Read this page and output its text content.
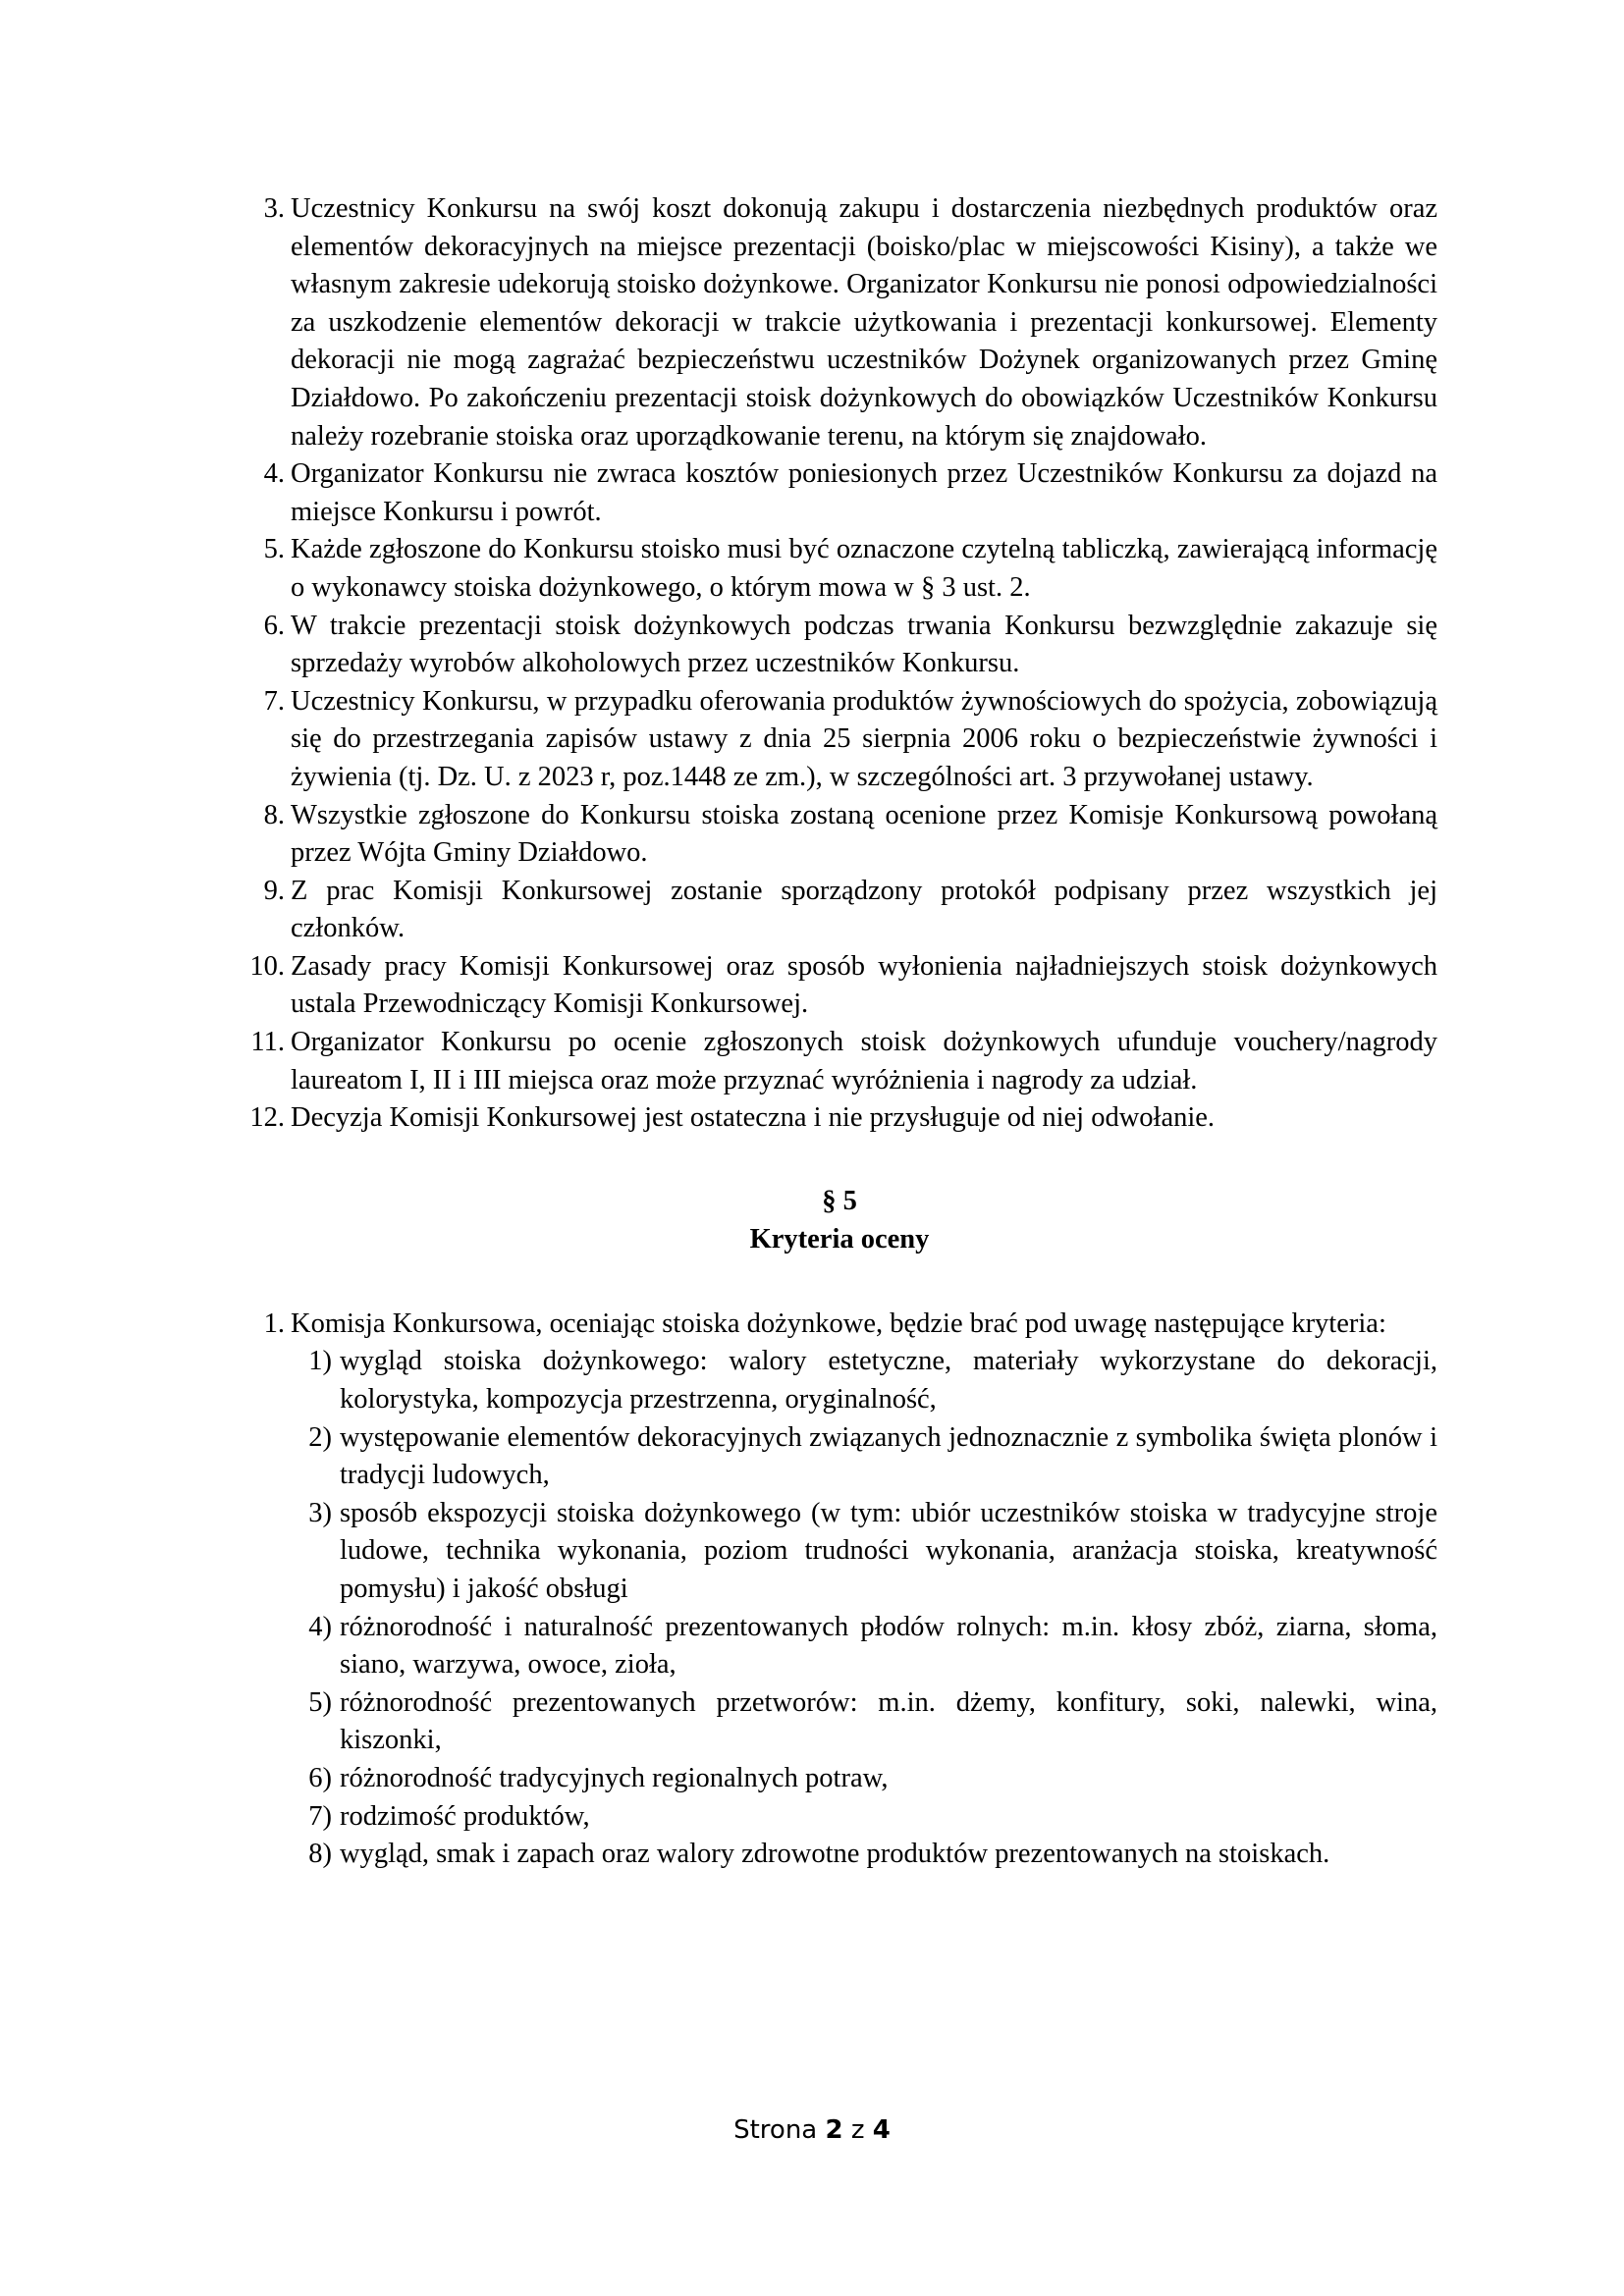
3. Uczestnicy Konkursu na swój koszt dokonują zakupu i dostarczenia niezbędnych produktów oraz elementów dekoracyjnych na miejsce prezentacji (boisko/plac w miejscowości Kisiny), a także we własnym zakresie udekorują stoisko dożynkowe. Organizator Konkursu nie ponosi odpowiedzialności za uszkodzenie elementów dekoracji w trakcie użytkowania i prezentacji konkursowej. Elementy dekoracji nie mogą zagrażać bezpieczeństwu uczestników Dożynek organizowanych przez Gminę Działdowo. Po zakończeniu prezentacji stoisk dożynkowych do obowiązków Uczestników Konkursu należy rozebranie stoiska oraz uporządkowanie terenu, na którym się znajdowało.
4. Organizator Konkursu nie zwraca kosztów poniesionych przez Uczestników Konkursu za dojazd na miejsce Konkursu i powrót.
5. Każde zgłoszone do Konkursu stoisko musi być oznaczone czytelną tabliczką, zawierającą informację o wykonawcy stoiska dożynkowego, o którym mowa w § 3 ust. 2.
6. W trakcie prezentacji stoisk dożynkowych podczas trwania Konkursu bezwzględnie zakazuje się sprzedaży wyrobów alkoholowych przez uczestników Konkursu.
7. Uczestnicy Konkursu, w przypadku oferowania produktów żywnościowych do spożycia, zobowiązują się do przestrzegania zapisów ustawy z dnia 25 sierpnia 2006 roku o bezpieczeństwie żywności i żywienia (tj. Dz. U. z 2023 r, poz.1448 ze zm.), w szczególności art. 3 przywołanej ustawy.
8. Wszystkie zgłoszone do Konkursu stoiska zostaną ocenione przez Komisje Konkursową powołaną przez Wójta Gminy Działdowo.
9. Z prac Komisji Konkursowej zostanie sporządzony protokół podpisany przez wszystkich jej członków.
10. Zasady pracy Komisji Konkursowej oraz sposób wyłonienia najładniejszych stoisk dożynkowych ustala Przewodniczący Komisji Konkursowej.
11. Organizator Konkursu po ocenie zgłoszonych stoisk dożynkowych ufunduje vouchery/nagrody laureatom I, II i III miejsca oraz może przyznać wyróżnienia i nagrody za udział.
12. Decyzja Komisji Konkursowej jest ostateczna i nie przysługuje od niej odwołanie.
§ 5
Kryteria oceny
1. Komisja Konkursowa, oceniając stoiska dożynkowe, będzie brać pod uwagę następujące kryteria:
1) wygląd stoiska dożynkowego: walory estetyczne, materiały wykorzystane do dekoracji, kolorystyka, kompozycja przestrzenna, oryginalność,
2) występowanie elementów dekoracyjnych związanych jednoznacznie z symbolika święta plonów i tradycji ludowych,
3) sposób ekspozycji stoiska dożynkowego (w tym: ubiór uczestników stoiska w tradycyjne stroje ludowe, technika wykonania, poziom trudności wykonania, aranżacja stoiska, kreatywność pomysłu) i jakość obsługi
4) różnorodność i naturalność prezentowanych płodów rolnych: m.in. kłosy zbóż, ziarna, słoma, siano, warzywa, owoce, zioła,
5) różnorodność prezentowanych przetworów: m.in. dżemy, konfitury, soki, nalewki, wina, kiszonki,
6) różnorodność tradycyjnych regionalnych potraw,
7) rodzimość produktów,
8) wygląd, smak i zapach oraz walory zdrowotne produktów prezentowanych na stoiskach.
Strona 2 z 4
